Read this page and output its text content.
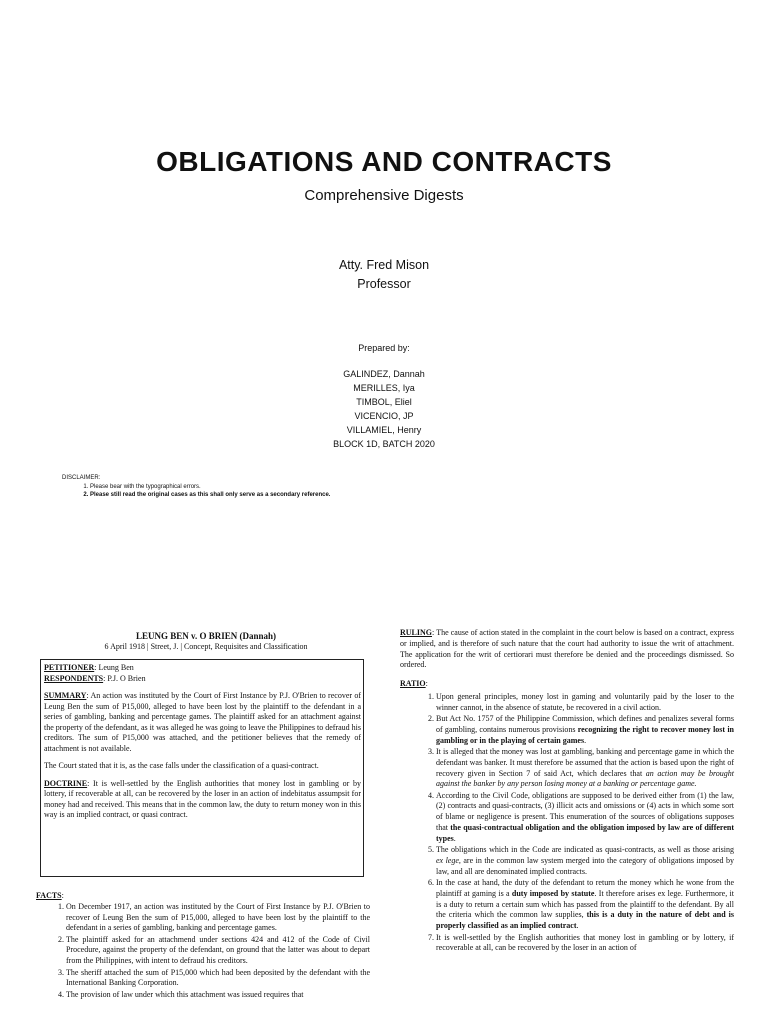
OBLIGATIONS AND CONTRACTS
Comprehensive Digests
Atty. Fred Mison
Professor
Prepared by:
GALINDEZ, Dannah
MERILLES, Iya
TIMBOL, Eliel
VICENCIO, JP
VILLAMIEL, Henry
BLOCK 1D, BATCH 2020
DISCLAIMER:
1. Please bear with the typographical errors.
2. Please still read the original cases as this shall only serve as a secondary reference.
LEUNG BEN v. O BRIEN (Dannah)
6 April 1918 | Street, J. | Concept, Requisites and Classification
PETITIONER: Leung Ben

RESPONDENTS: P.J. O Brien

SUMMARY: An action was instituted by the Court of First Instance by P.J. O'Brien to recover of Leung Ben the sum of P15,000, alleged to have been lost by the plaintiff to the defendant in a series of gambling, banking and percentage games. The plaintiff asked for an attachment against the property of the defendant, as it was alleged he was going to leave the Philippines to defraud his creditors. The sum of P15,000 was attached, and the petitioner believes that the remedy of attachment is not available.

The Court stated that it is, as the case falls under the classification of a quasi-contract.

DOCTRINE: It is well-settled by the English authorities that money lost in gambling or by lottery, if recoverable at all, can be recovered by the loser in an action of indebitatus assumpsit for money had and received. This means that in the common law, the duty to return money won in this way is an implied contract, or quasi contract.

FACTS:
1. On December 1917, an action was instituted by the Court of First Instance by P.J. O'Brien to recover of Leung Ben the sum of P15,000, alleged to have been lost by the plaintiff to the defendant in a series of gambling, banking and percentage games.
2. The plaintiff asked for an attachmend under sections 424 and 412 of the Code of Civil Procedure, against the property of the defendant, on ground that the latter was about to depart from the Philippines, with intent to defraud his creditors.
3. The sheriff attached the sum of P15,000 which had been deposited by the defendant with the International Banking Corporation.
4. The provision of law under which this attachment was issued requires that

RULING: The cause of action stated in the complaint in the court below is based on a contract, express or implied, and is therefore of such nature that the court had authority to issue the writ of attachment. The application for the writ of certiorari must therefore be denied and the proceedings dismissed. So ordered.

RATIO:
1. Upon general principles, money lost in gaming and voluntarily paid by the loser to the winner cannot, in the absence of statute, be recovered in a civil action.
2. But Act No. 1757 of the Philippine Commission, which defines and penalizes several forms of gambling, contains numerous provisions recognizing the right to recover money lost in gambling or in the playing of certain games.
3. It is alleged that the money was lost at gambling, banking and percentage game in which the defendant was banker. It must therefore be assumed that the action is based upon the right of recovery given in Section 7 of said Act, which declares that an action may be brought against the banker by any person losing money at a banking or percentage game.
4. According to the Civil Code, obligations are supposed to be derived either from (1) the law, (2) contracts and quasi-contracts, (3) illicit acts and omissions or (4) acts in which some sort of blame or negligence is present. This enumeration of the sources of obligations supposes that the quasi-contractual obligation and the obligation imposed by law are of different types.
5. The obligations which in the Code are indicated as quasi-contracts, as well as those arising ex lege, are in the common law system merged into the category of obligations imposed by law, and all are denominated implied contracts.
6. In the case at hand, the duty of the defendant to return the money which he wone from the plaintiff at gaming is a duty imposed by statute. It therefore arises ex lege. Furthermore, it is a duty to return a certain sum which has passed from the plaintiff to the defendant. By all the criteria which the common law supplies, this is a duty in the nature of debt and is properly classified as an implied contract.
7. It is well-settled by the English authorities that money lost in gambling or by lottery, if recoverable at all, can be recovered by the loser in an action of
